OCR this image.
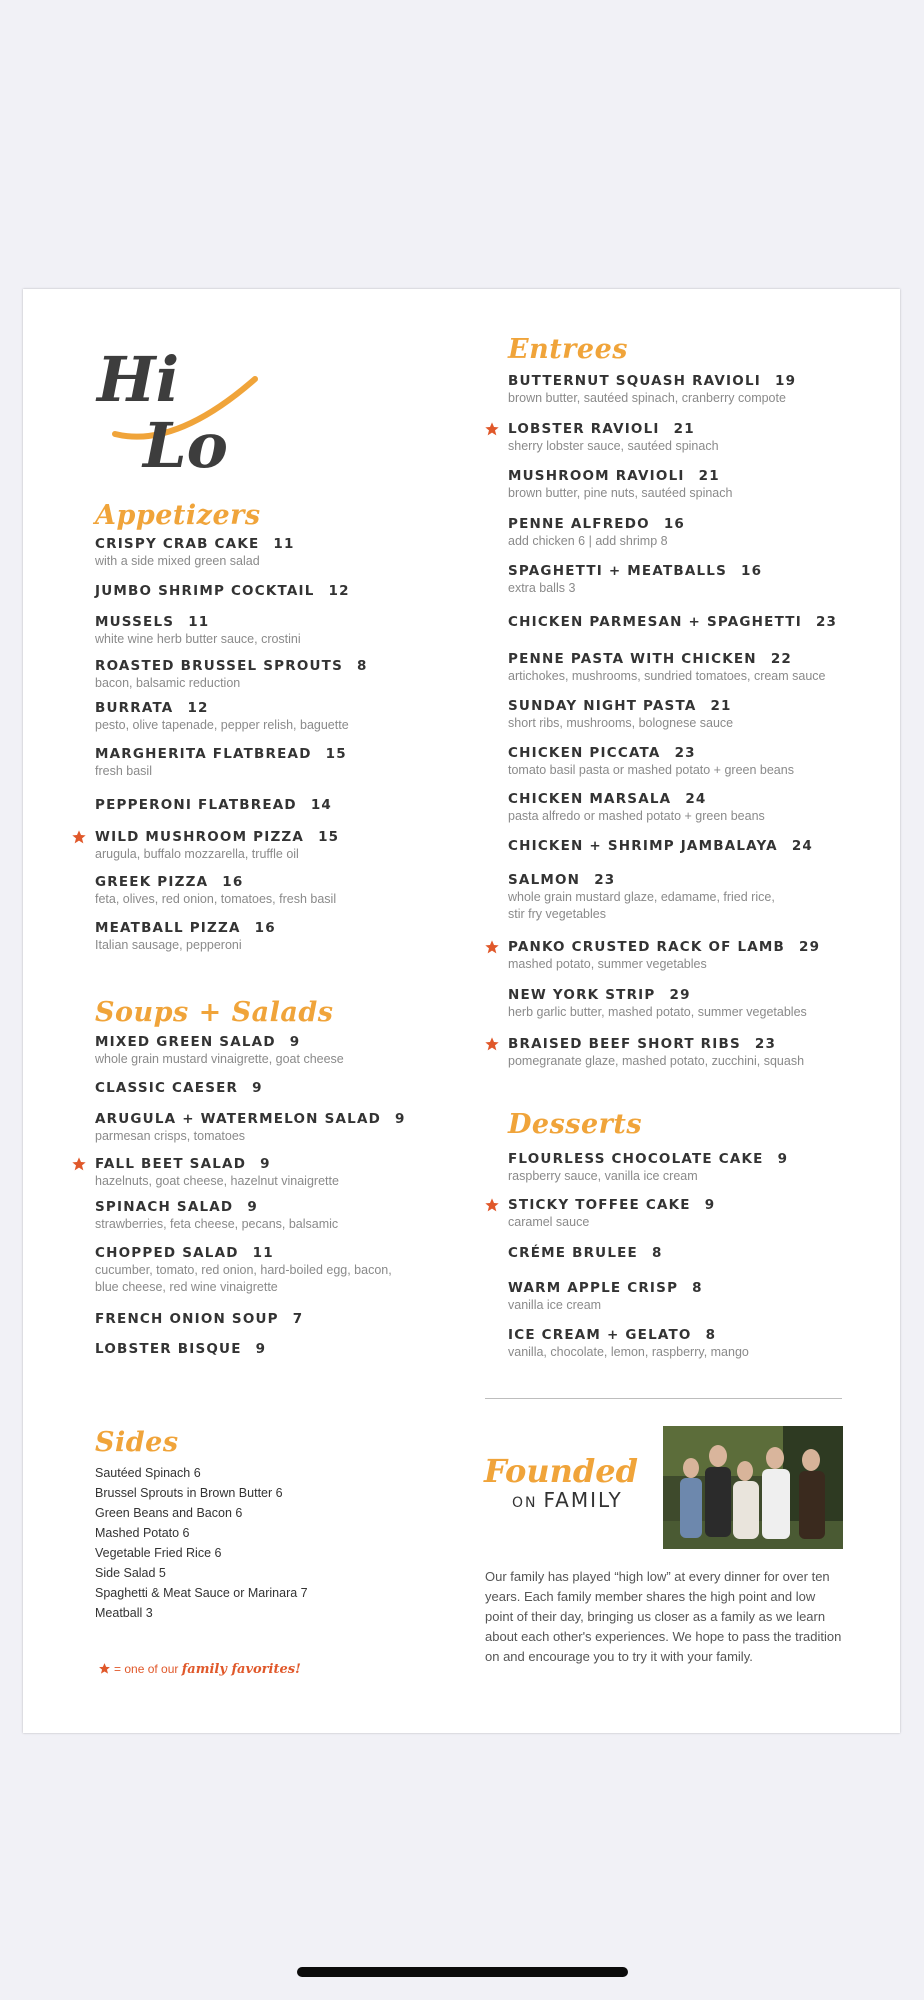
Hi
Lo
Appetizers
CRISPY CRAB CAKE 11
with a side mixed green salad
JUMBO SHRIMP COCKTAIL 12
MUSSELS 11
white wine herb butter sauce, crostini
ROASTED BRUSSEL SPROUTS 8
bacon, balsamic reduction
BURRATA 12
pesto, olive tapenade, pepper relish, baguette
MARGHERITA FLATBREAD 15
fresh basil
PEPPERONI FLATBREAD 14
WILD MUSHROOM PIZZA 15
arugula, buffalo mozzarella, truffle oil
GREEK PIZZA 16
feta, olives, red onion, tomatoes, fresh basil
MEATBALL PIZZA 16
Italian sausage, pepperoni
Soups + Salads
MIXED GREEN SALAD 9
whole grain mustard vinaigrette, goat cheese
CLASSIC CAESER 9
ARUGULA + WATERMELON SALAD 9
parmesan crisps, tomatoes
FALL BEET SALAD 9
hazelnuts, goat cheese, hazelnut vinaigrette
SPINACH SALAD 9
strawberries, feta cheese, pecans, balsamic
CHOPPED SALAD 11
cucumber, tomato, red onion, hard-boiled egg, bacon,
blue cheese, red wine vinaigrette
FRENCH ONION SOUP 7
LOBSTER BISQUE 9
Sides
Sautéed Spinach 6
Brussel Sprouts in Brown Butter 6
Green Beans and Bacon 6
Mashed Potato 6
Vegetable Fried Rice 6
Side Salad 5
Spaghetti & Meat Sauce or Marinara 7
Meatball 3
= one of our family favorites!
Entrees
BUTTERNUT SQUASH RAVIOLI 19
brown butter, sautéed spinach, cranberry compote
LOBSTER RAVIOLI 21
sherry lobster sauce, sautéed spinach
MUSHROOM RAVIOLI 21
brown butter, pine nuts, sautéed spinach
PENNE ALFREDO 16
add chicken 6 | add shrimp 8
SPAGHETTI + MEATBALLS 16
extra balls 3
CHICKEN PARMESAN + SPAGHETTI 23
PENNE PASTA WITH CHICKEN 22
artichokes, mushrooms, sundried tomatoes, cream sauce
SUNDAY NIGHT PASTA 21
short ribs, mushrooms, bolognese sauce
CHICKEN PICCATA 23
tomato basil pasta or mashed potato + green beans
CHICKEN MARSALA 24
pasta alfredo or mashed potato + green beans
CHICKEN + SHRIMP JAMBALAYA 24
SALMON 23
whole grain mustard glaze, edamame, fried rice,
stir fry vegetables
PANKO CRUSTED RACK OF LAMB 29
mashed potato, summer vegetables
NEW YORK STRIP 29
herb garlic butter, mashed potato, summer vegetables
BRAISED BEEF SHORT RIBS 23
pomegranate glaze, mashed potato, zucchini, squash
Desserts
FLOURLESS CHOCOLATE CAKE 9
raspberry sauce, vanilla ice cream
STICKY TOFFEE CAKE 9
caramel sauce
CRÉME BRULEE 8
WARM APPLE CRISP 8
vanilla ice cream
ICE CREAM + GELATO 8
vanilla, chocolate, lemon, raspberry, mango
Founded
ON FAMILY
Our family has played “high low” at every dinner for over ten years. Each family member shares the high point and low point of their day, bringing us closer as a family as we learn about each other's experiences. We hope to pass the tradition on and encourage you to try it with your family.
